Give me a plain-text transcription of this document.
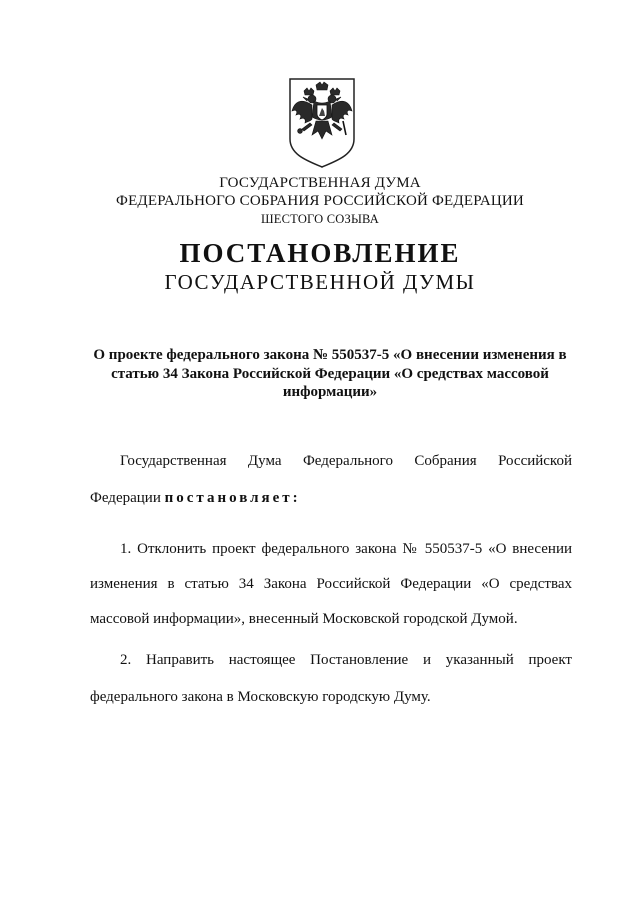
ГОСУДАРСТВЕННАЯ ДУМА
ФЕДЕРАЛЬНОГО СОБРАНИЯ РОССИЙСКОЙ ФЕДЕРАЦИИ
ШЕСТОГО СОЗЫВА
ПОСТАНОВЛЕНИЕ
ГОСУДАРСТВЕННОЙ ДУМЫ
О проекте федерального закона № 550537-5 «О внесении изменения в
статью 34 Закона Российской Федерации «О средствах массовой
информации»
Государственная Дума Федерального Собрания Российской
Федерации постановляет:
1. Отклонить проект федерального закона № 550537-5 «О внесении
изменения в статью 34 Закона Российской Федерации «О средствах
массовой информации», внесенный Московской городской Думой.
2. Направить настоящее Постановление и указанный проект
федерального закона в Московскую городскую Думу.
